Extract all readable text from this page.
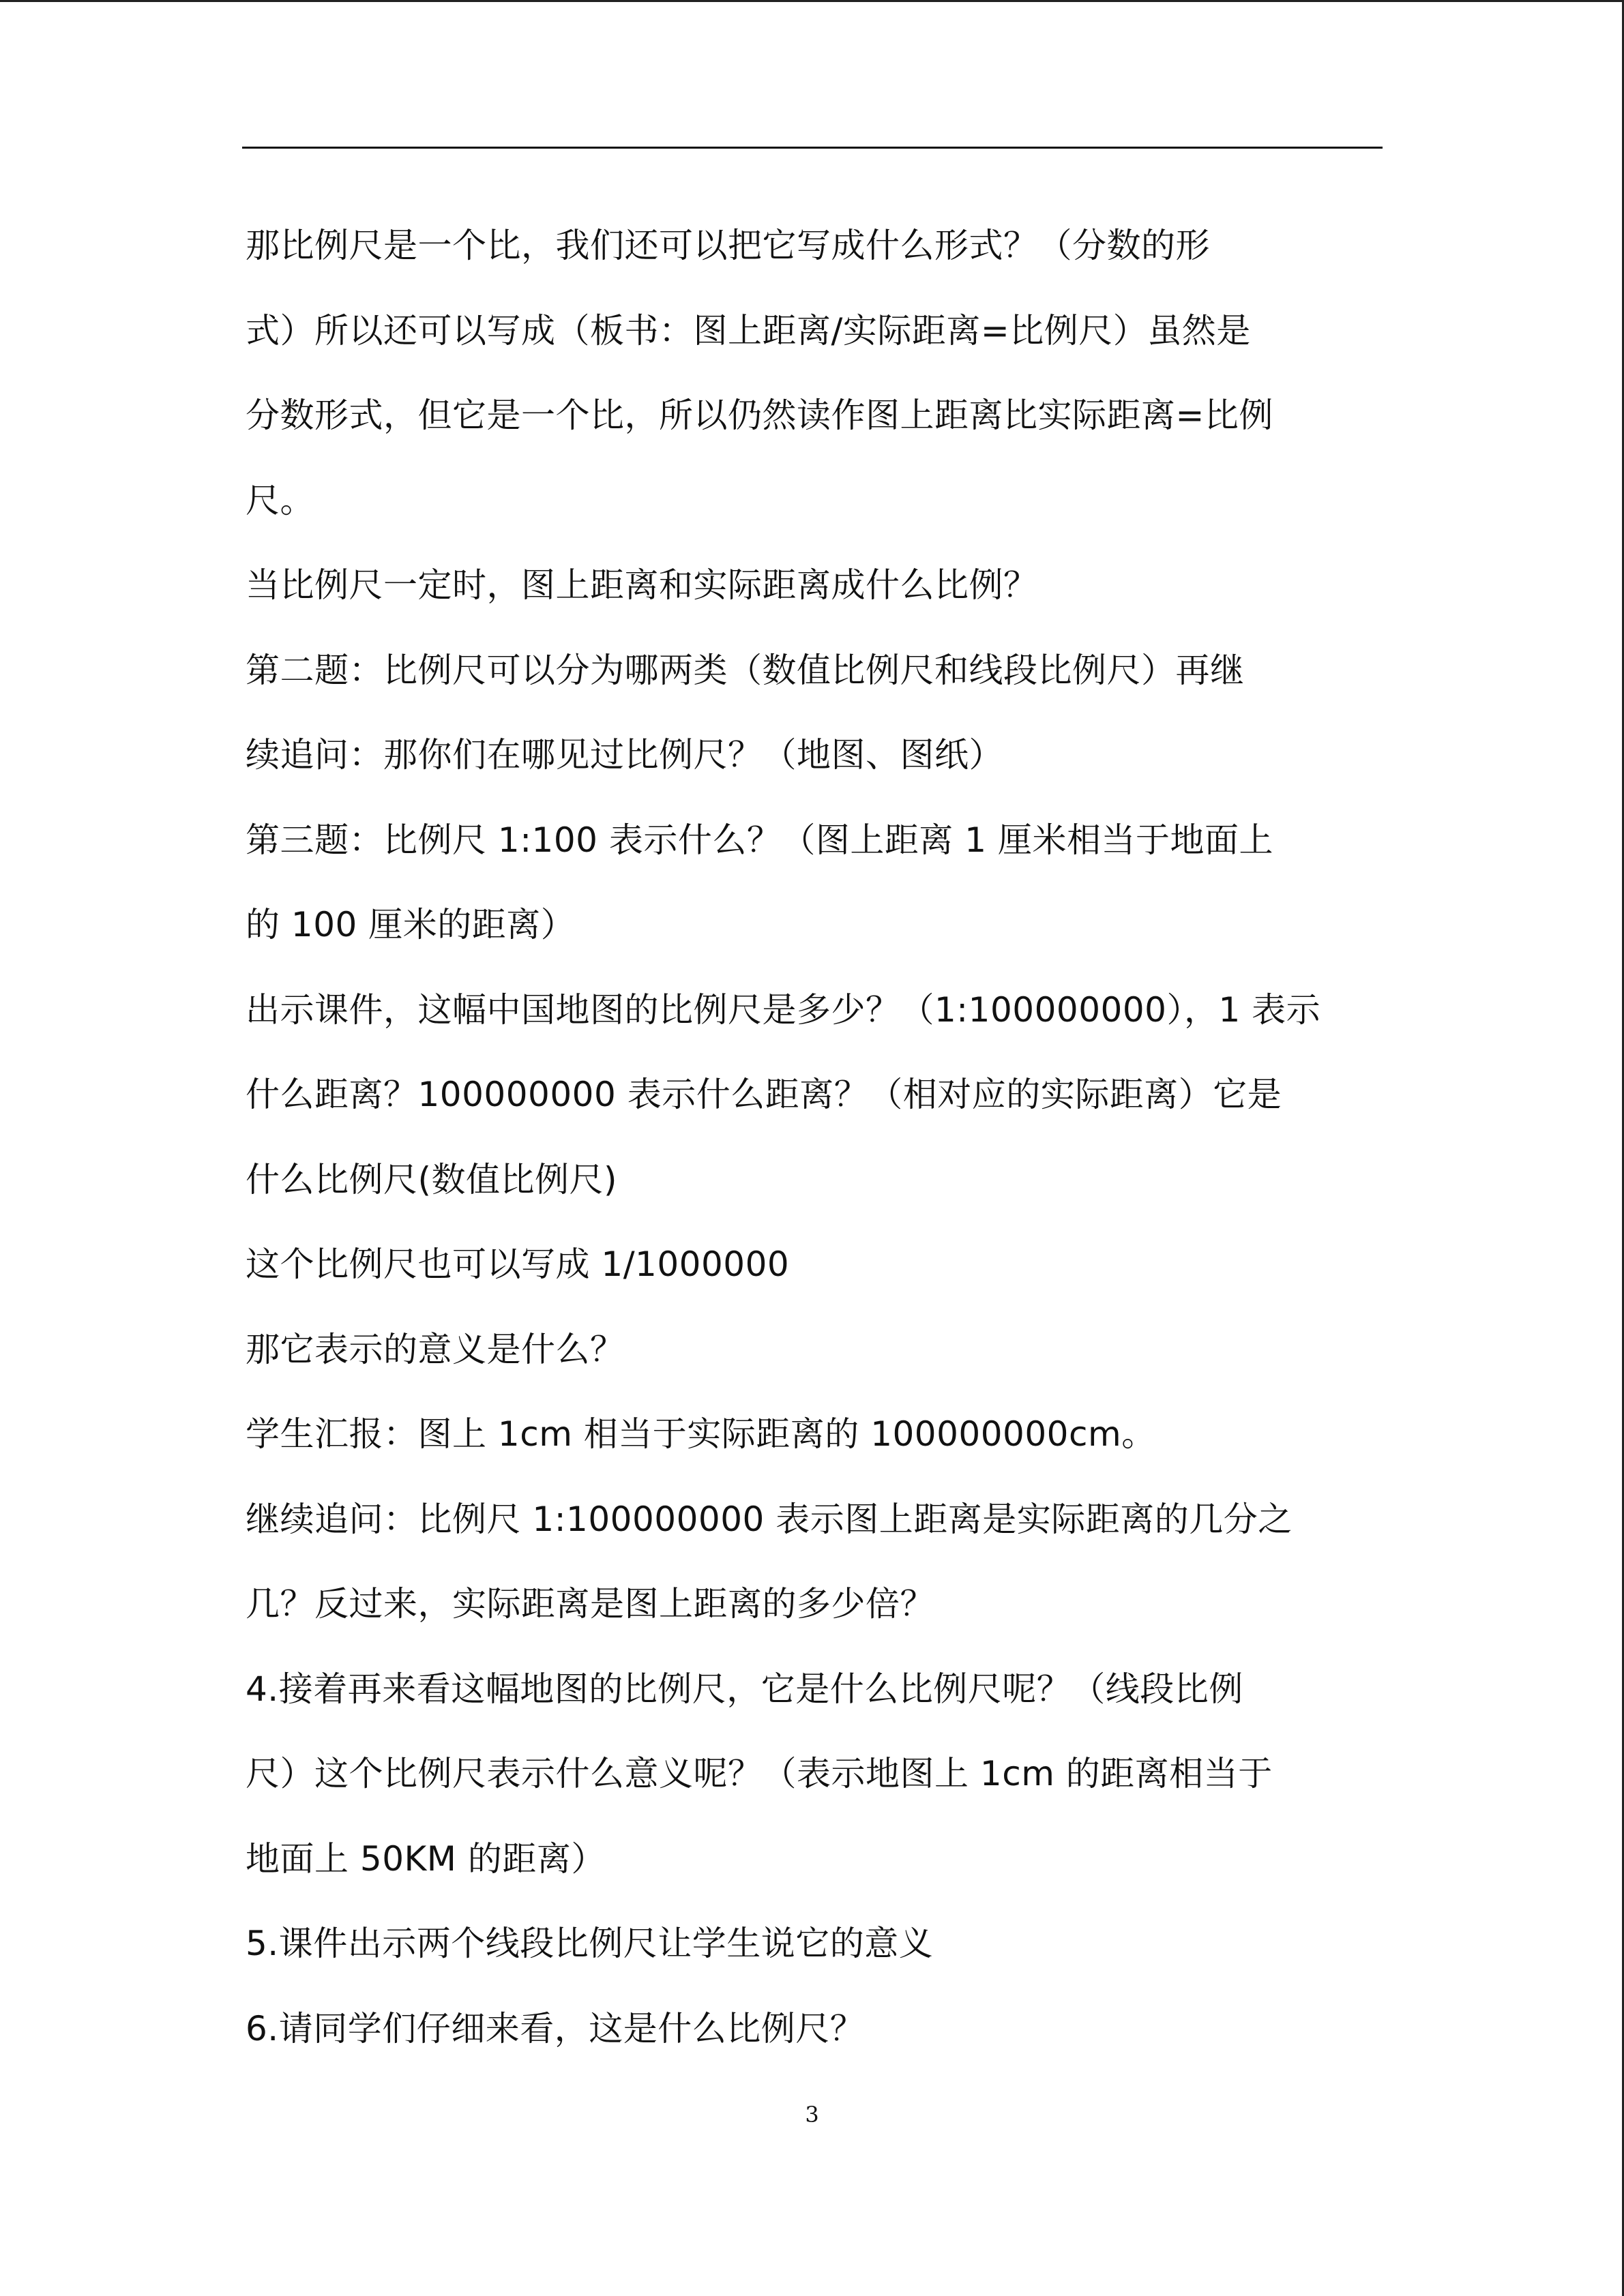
那比例尺是一个比，我们还可以把它写成什么形式？（分数的形
式）所以还可以写成（板书：图上距离/实际距离=比例尺）虽然是
分数形式，但它是一个比，所以仍然读作图上距离比实际距离=比例
尺。
当比例尺一定时，图上距离和实际距离成什么比例？
第二题：比例尺可以分为哪两类（数值比例尺和线段比例尺）再继
续追问：那你们在哪见过比例尺？（地图、图纸）
第三题：比例尺 1:100 表示什么？（图上距离 1 厘米相当于地面上
的 100 厘米的距离）
出示课件，这幅中国地图的比例尺是多少？（1:100000000），1 表示
什么距离？100000000 表示什么距离？（相对应的实际距离）它是
什么比例尺(数值比例尺)
这个比例尺也可以写成 1/1000000
那它表示的意义是什么？
学生汇报：图上 1cm 相当于实际距离的 100000000cm。
继续追问：比例尺 1:100000000 表示图上距离是实际距离的几分之
几？反过来，实际距离是图上距离的多少倍？
4.接着再来看这幅地图的比例尺，它是什么比例尺呢？（线段比例
尺）这个比例尺表示什么意义呢？（表示地图上 1cm 的距离相当于
地面上 50KM 的距离）
5.课件出示两个线段比例尺让学生说它的意义
6.请同学们仔细来看，这是什么比例尺？
3
